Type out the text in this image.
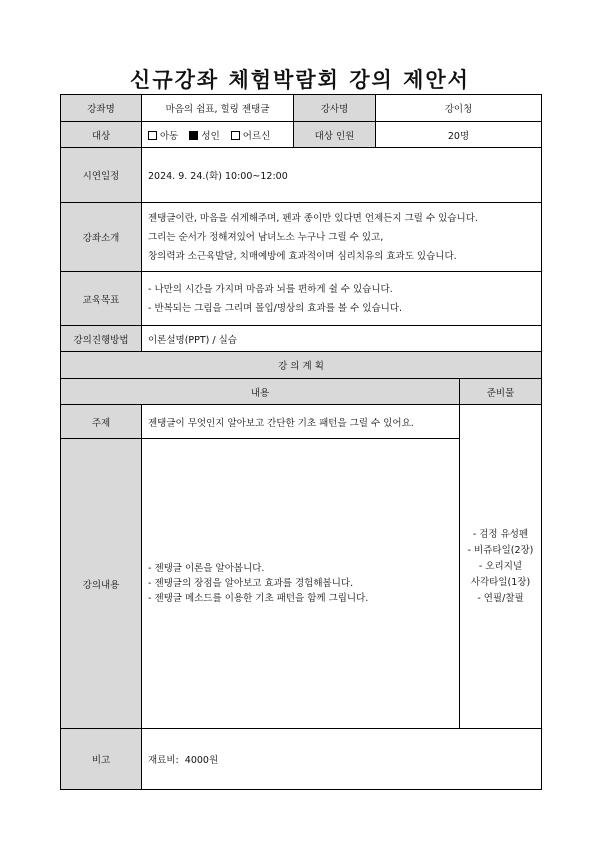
신규강좌 체험박람회 강의 제안서
강좌명	마음의 쉼표, 힐링 젠탱글	강사명	강이청	
대상	아동 성인 어르신	대상 인원	20명	
시연일정	2024. 9. 24.(화) 10:00~12:00			
강좌소개	젠탱글이란, 마음을 쉬게해주며, 펜과 종이만 있다면 언제든지 그릴 수 있습니다.
그리는 순서가 정해져있어 남녀노소 누구나 그릴 수 있고,
창의력과 소근육발달, 치매예방에 효과적이며 심리치유의 효과도 있습니다.			

교육목표	- 나만의 시간을 가지며 마음과 뇌를 편하게 쉴 수 있습니다.
- 반복되는 그림을 그리며 몰입/명상의 효과를 볼 수 있습니다.			

강의진행방법	이론설명(PPT) / 실습			
강 의 계 획				
내용				준비물
주제	젠탱글이 무엇인지 알아보고 간단한 기초 패턴을 그릴 수 있어요.			- 검정 유성펜
- 비쥬타일(2장)
- 오리지널
사각타일(1장)
- 연필/찰필

강의내용	- 젠탱글 이론을 알아봅니다.
- 젠탱글의 장점을 알아보고 효과를 경험해봅니다.
- 젠탱글 메소드를 이용한 기초 패턴을 함께 그립니다.			

비고	재료비:  4000원			
